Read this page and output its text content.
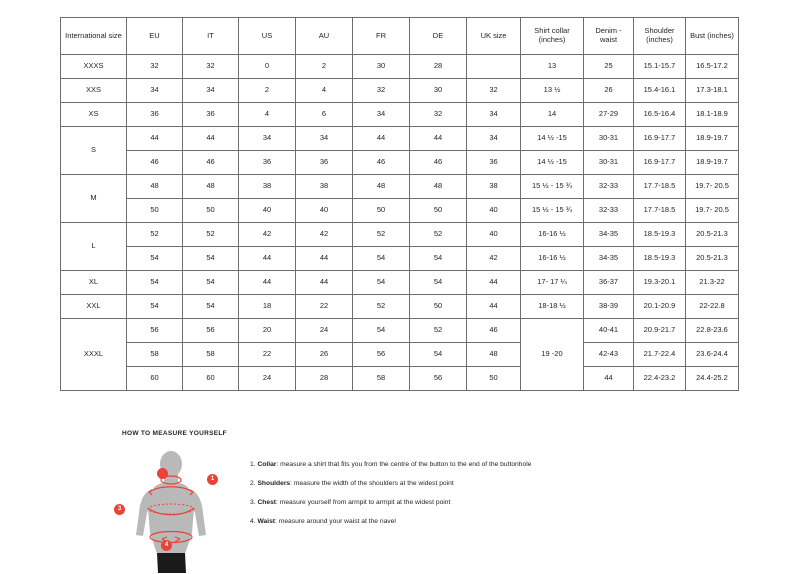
International size	EU	IT	US	AU	FR	DE	UK size	Shirt collar (inches)	Denim - waist	Shoulder (inches)	Bust (inches)
XXXS	32	32	0	2	30	28		13	25	15.1-15.7	16.5-17.2
XXS	34	34	2	4	32	30	32	13 ½	26	15.4-16.1	17.3-18.1
XS	36	36	4	6	34	32	34	14	27-29	16.5-16.4	18.1-18.9
S	44	44	34	34	44	44	34	14 ½ -15	30-31	16.9-17.7	18.9-19.7
	46	46	36	36	46	46	36	14 ½ -15	30-31	16.9-17.7	18.9-19.7
M	48	48	38	38	48	48	38	15 ½ - 15 ¾	32-33	17.7-18.5	19.7- 20.5
	50	50	40	40	50	50	40	15 ½ - 15 ¾	32-33	17.7-18.5	19.7- 20.5
L	52	52	42	42	52	52	40	16-16 ½	34-35	18.5-19.3	20.5-21.3
	54	54	44	44	54	54	42	16-16 ½	34-35	18.5-19.3	20.5-21.3
XL	54	54	44	44	54	54	44	17- 17 ¼	36-37	19.3-20.1	21.3-22
XXL	54	54	18	22	52	50	44	18-18 ½	38-39	20.1-20.9	22-22.8
XXXL	56	56	20	24	54	52	46	19 -20	40-41	20.9-21.7	22.8-23.6
	58	58	22	26	56	54	48		42-43	21.7-22.4	23.6-24.4
	60	60	24	28	58	56	50		44	22.4-23.2	24.4-25.2
HOW TO MEASURE YOURSELF
1
3
4
1. Collar: measure a shirt that fits you from the centre of the button to the end of the buttonhole
2. Shoulders: measure the width of the shoulders at the widest point
3. Chest: measure yourself from armpit to armpit at the widest point
4. Waist: measure around your waist at the navel
